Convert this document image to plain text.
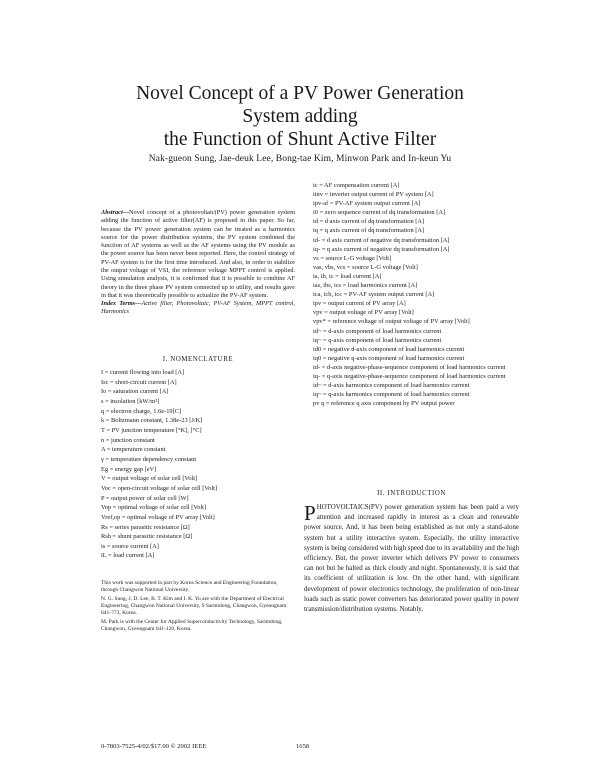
Novel Concept of a PV Power Generation
System adding
the Function of Shunt Active Filter
Nak-gueon Sung, Jae-deuk Lee, Bong-tae Kim, Minwon Park and In-keun Yu
Abstract—Novel concept of a photovoltaic(PV) power generation system adding the function of active filter(AF) is proposed in this paper. So far, because the PV power generation system can be treated as a harmonics source for the power distribution systems, the PV system combined the function of AF systems as well as the AF systems using the PV module as the power source has been never been reported. Here, the control strategy of PV-AF system is for the first time introduced. And also, in order to stabilize the output voltage of VSI, the reference voltage MPPT control is applied. Using simulation analysis, it is confirmed that it is possible to combine AF theory in the three phase PV system connected up to utility, and results gave in that it was theoretically possible to actualize the PV-AF system.
Index Terms—Active filter, Photovoltaic, PV-AF System, MPPT control, Harmonics
I. NOMENCLATURE
I = current flowing into load [A]
Isc = short-circuit current [A]
Io = saturation current [A]
s = insolation [kW/m²]
q = electron charge, 1.6e-19[C]
k = Boltzmann constant, 1.38e-23 [J/K]
T = PV junction temperature [°K], [°C]
n = junction constant
A = temperature constant
γ = temperature dependency constant
Eg = energy gap [eV]
V = output voltage of solar cell [Volt]
Voc = open-circuit voltage of solar cell [Volt]
P = output power of solar cell [W]
Vop = optimal voltage of solar cell [Volt]
Vref,op = optimal voltage of PV array [Volt]
Rs = series parasitic resistance [Ω]
Rsh = shunt parasitic resistance [Ω]
is = source current [A]
iL = load current [A]

This work was supported in part by Korea Science and Engineering Foundation, through Changwon National University.

N. G. Sung, J. D. Lee, B. T. Kim and I. K. Yu are with the Department of Electrical Engineering, Changwon National University, 9 Sarimdong, Changwon, Gyeongnam 641-773, Korea.

M. Park is with the Center for Applied Superconductivity Technology, Sarimdong, Changwon, Gyeongnam 641-120, Korea.

ic = AF compensation current [A]
iinv = inverter output current of PV system [A]
ipv-af = PV-AF system output current [A]
i0 = zero sequence current of dq transformation [A]
id = d axis current of dq transformation [A]
iq = q axis current of dq transformation [A]
id- = d axis current of negative dq transformation [A]
iq- = q axis current of negative dq transformation [A]
vs = source L-G voltage [Volt]
vas, vbs, vcs = source L-G voltage [Volt]
ia, ib, ic = load current [A]
ias, ibs, ics = load harmonics current [A]
ica, icb, icc = PV-AF system output current [A]
ipv = output current of PV array [A]
vpv = output voltage of PV array [Volt]
vpv* = reference voltage of output voltage of PV array [Volt]
id~ = d-axis component of load harmonics current
iq~ = q-axis component of load harmonics current
id0 = negative d-axis component of load harmonics current
iq0 = negative q-axis component of load harmonics current
id- = d-axis negative-phase-sequence component of load harmonics current
iq- = q-axis negative-phase-sequence component of load harmonics current
id~ = d-axis harmonics component of load harmonics current
iq~ = q-axis harmonics component of load harmonics current
pv q = reference q axis component by PV output power
II. INTRODUCTION
PHOTOVOLTAICS(PV) power generation system has been paid a very attention and increased rapidly in interest as a clean and renewable power source. And, it has been being established as not only a stand-alone system but a utility interactive system. Especially, the utility interactive system is being considered with high speed due to its availability and the high efficiency. But, the power inverter which delivers PV power to consumers can not but be halted as thick cloudy and night. Spontaneously, it is said that its coefficient of utilization is low. On the other hand, with significant development of power electronics technology, the proliferation of non-linear loads such as static power converters has deteriorated power quality in power transmission/distribution systems. Notably,
0-7803-7525-4/02/$17.00 © 2002 IEEE	1658
